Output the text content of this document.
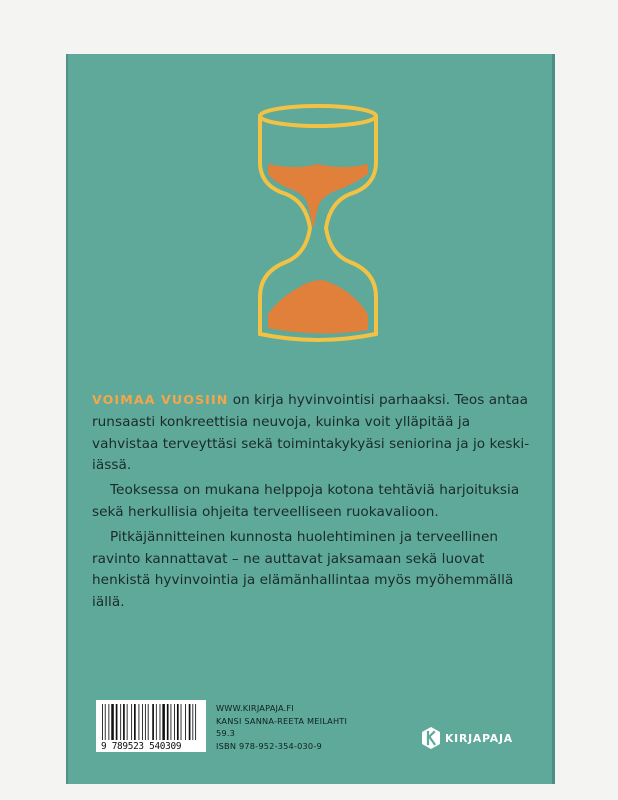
VOIMAA VUOSIIN on kirja hyvinvointisi parhaaksi. Teos antaa runsaasti konkreettisia neuvoja, kuinka voit ylläpitää ja vahvistaa terveyttäsi sekä toimintakykyäsi seniorina ja jo keski-iässä.

Teoksessa on mukana helppoja kotona tehtäviä harjoituksia sekä herkullisia ohjeita terveelliseen ruokavalioon.

Pitkäjännitteinen kunnosta huolehtiminen ja terveellinen ravinto kannattavat – ne auttavat jaksamaan sekä luovat henkistä hyvinvointia ja elämänhallintaa myös myöhemmällä iällä.

9 789523 540309
WWW.KIRJAPAJA.FI
KANSI SANNA-REETA MEILAHTI
59.3
ISBN 978-952-354-030-9
KIRJAPAJA
